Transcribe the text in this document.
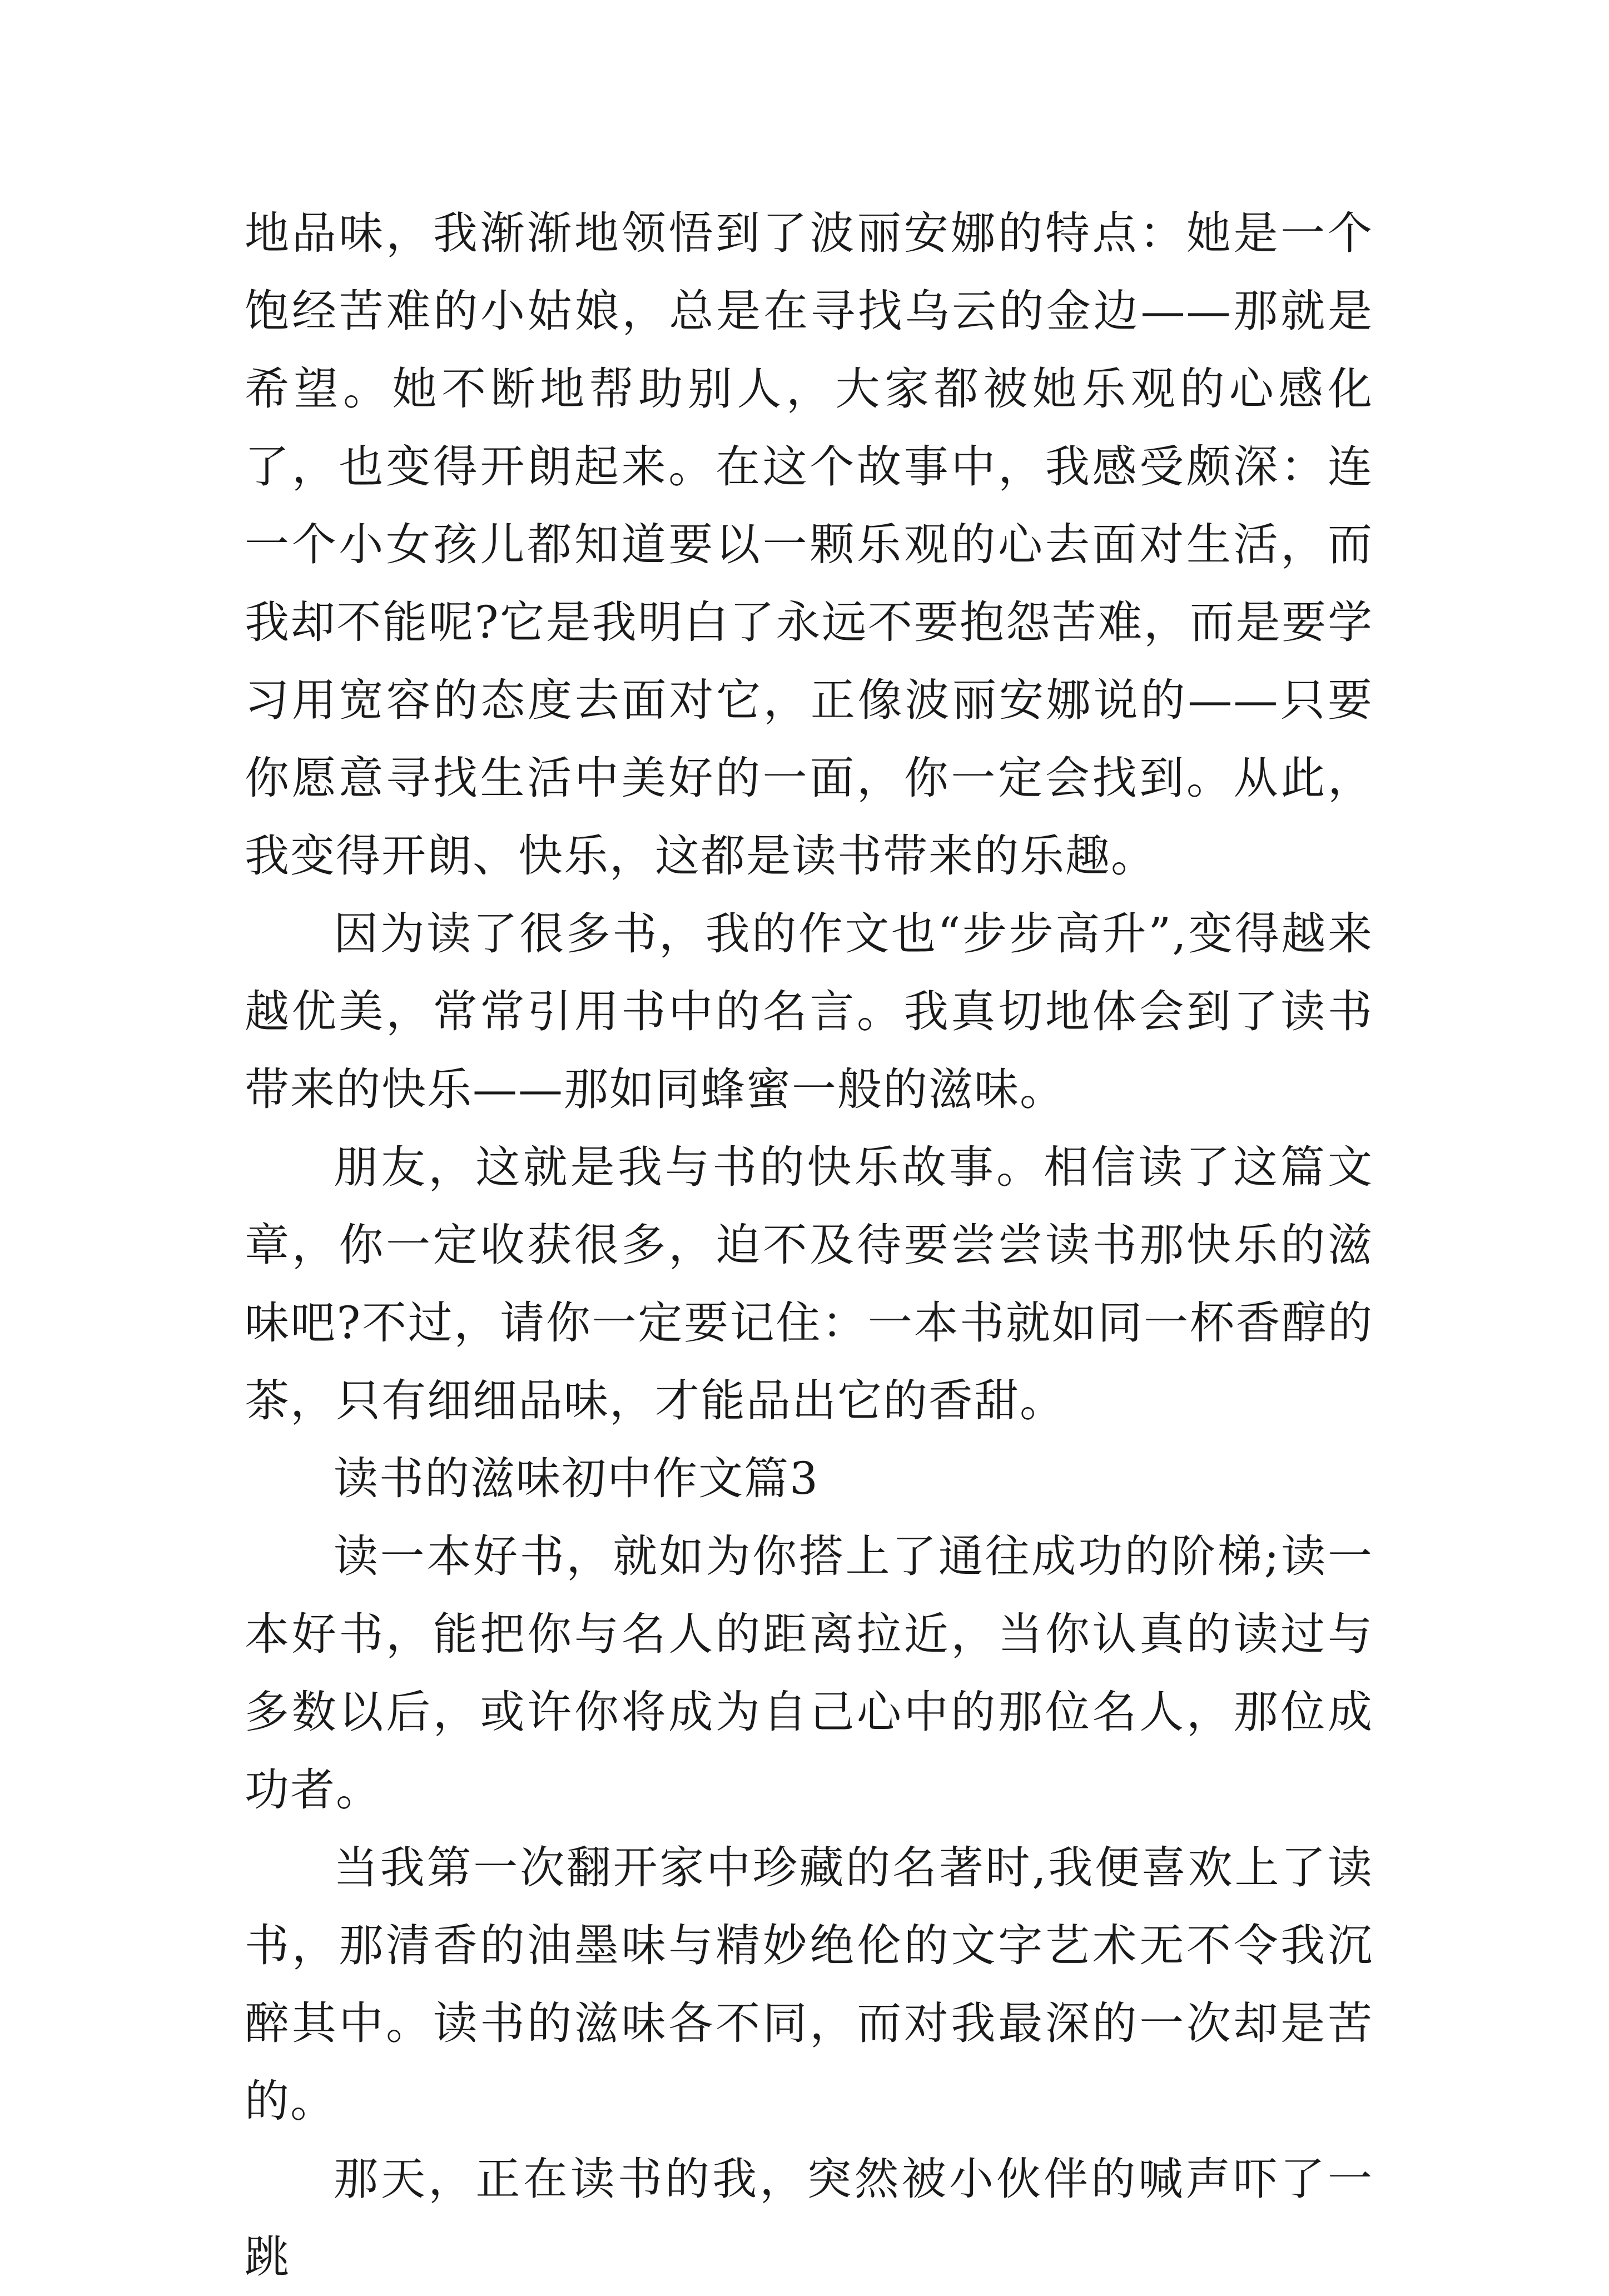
地品味，我渐渐地领悟到了波丽安娜的特点：她是一个饱经苦难的小姑娘，总是在寻找乌云的金边——那就是希望。她不断地帮助别人，大家都被她乐观的心感化了，也变得开朗起来。在这个故事中，我感受颇深：连一个小女孩儿都知道要以一颗乐观的心去面对生活，而我却不能呢?它是我明白了永远不要抱怨苦难，而是要学习用宽容的态度去面对它，正像波丽安娜说的——只要你愿意寻找生活中美好的一面，你一定会找到。从此，我变得开朗、快乐，这都是读书带来的乐趣。

因为读了很多书，我的作文也“步步高升”,变得越来越优美，常常引用书中的名言。我真切地体会到了读书带来的快乐——那如同蜂蜜一般的滋味。

朋友，这就是我与书的快乐故事。相信读了这篇文章，你一定收获很多，迫不及待要尝尝读书那快乐的滋味吧?不过，请你一定要记住：一本书就如同一杯香醇的茶，只有细细品味，才能品出它的香甜。

读书的滋味初中作文篇3

读一本好书，就如为你搭上了通往成功的阶梯;读一本好书，能把你与名人的距离拉近，当你认真的读过与多数以后，或许你将成为自己心中的那位名人，那位成功者。

当我第一次翻开家中珍藏的名著时,我便喜欢上了读书，那清香的油墨味与精妙绝伦的文字艺术无不令我沉醉其中。读书的滋味各不同，而对我最深的一次却是苦的。

那天，正在读书的我，突然被小伙伴的喊声吓了一跳
